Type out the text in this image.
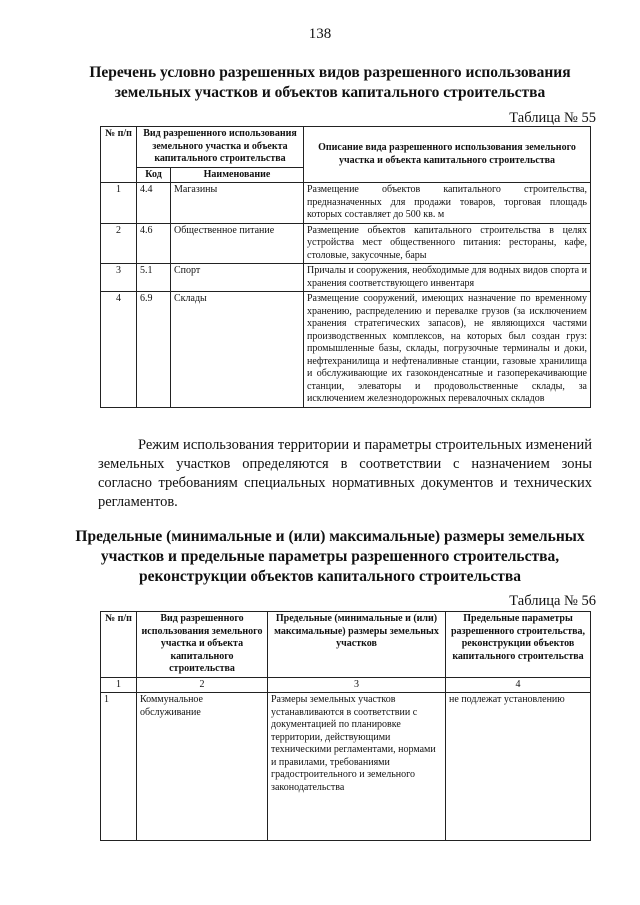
138
Перечень условно разрешенных видов разрешенного использования земельных участков и объектов капитального строительства
Таблица № 55
№ п/п	Вид разрешенного использования земельного участка и объекта капитального строительства		Описание вида разрешенного использования земельного участка и объекта капитального строительства
	Код	Наименование	
1	4.4	Магазины	Размещение объектов капитального строительства, предназначенных для продажи товаров, торговая площадь которых составляет до 500 кв. м
2	4.6	Общественное питание	Размещение объектов капитального строительства в целях устройства мест общественного питания: рестораны, кафе, столовые, закусочные, бары
3	5.1	Спорт	Причалы и сооружения, необходимые для водных видов спорта и хранения соответствующего инвентаря
4	6.9	Склады	Размещение сооружений, имеющих назначение по временному хранению, распределению и перевалке грузов (за исключением хранения стратегических запасов), не являющихся частями производственных комплексов, на которых был создан груз: промышленные базы, склады, погрузочные терминалы и доки, нефтехранилища и нефтеналивные станции, газовые хранилища и обслуживающие их газоконденсатные и газоперекачивающие станции, элеваторы и продовольственные склады, за исключением железнодорожных перевалочных складов
Режим использования территории и параметры строительных изменений земельных участков определяются в соответствии с назначением зоны согласно требованиям специальных нормативных документов и технических регламентов.
Предельные (минимальные и (или) максимальные) размеры земельных участков и предельные параметры разрешенного строительства, реконструкции объектов капитального строительства
Таблица № 56
№ п/п	Вид разрешенного использования земельного участка и объекта капитального строительства	Предельные (минимальные и (или) максимальные) размеры земельных участков	Предельные параметры разрешенного строительства, реконструкции объектов капитального строительства
1	2	3	4
1	Коммунальное обслуживание	Размеры земельных участков устанавливаются в соответствии с документацией по планировке территории, действующими техническими регламентами, нормами и правилами, требованиями градостроительного и земельного законодательства	не подлежат установлению
